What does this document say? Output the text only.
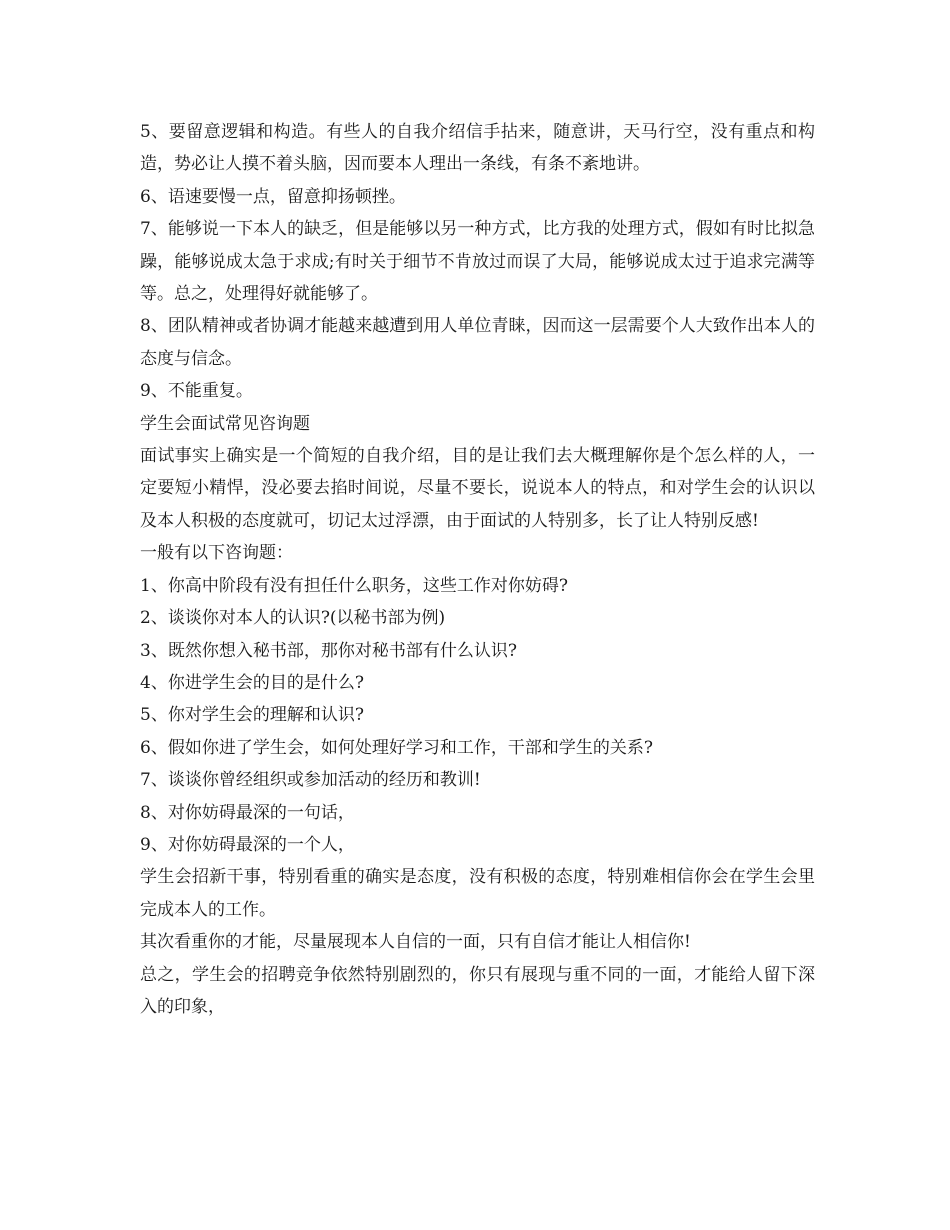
5、要留意逻辑和构造。有些人的自我介绍信手拈来，随意讲，天马行空，没有重点和构造，势必让人摸不着头脑，因而要本人理出一条线，有条不紊地讲。

6、语速要慢一点，留意抑扬顿挫。

7、能够说一下本人的缺乏，但是能够以另一种方式，比方我的处理方式，假如有时比拟急躁，能够说成太急于求成;有时关于细节不肯放过而误了大局，能够说成太过于追求完满等等。总之，处理得好就能够了。

8、团队精神或者协调才能越来越遭到用人单位青睐，因而这一层需要个人大致作出本人的态度与信念。

9、不能重复。

学生会面试常见咨询题

面试事实上确实是一个简短的自我介绍，目的是让我们去大概理解你是个怎么样的人，一定要短小精悍，没必要去掐时间说，尽量不要长，说说本人的特点，和对学生会的认识以及本人积极的态度就可，切记太过浮漂，由于面试的人特别多，长了让人特别反感!

一般有以下咨询题：

1、你高中阶段有没有担任什么职务，这些工作对你妨碍?

2、谈谈你对本人的认识?(以秘书部为例)

3、既然你想入秘书部，那你对秘书部有什么认识?

4、你进学生会的目的是什么?

5、你对学生会的理解和认识?

6、假如你进了学生会，如何处理好学习和工作，干部和学生的关系?

7、谈谈你曾经组织或参加活动的经历和教训!

8、对你妨碍最深的一句话，

9、对你妨碍最深的一个人，

学生会招新干事，特别看重的确实是态度，没有积极的态度，特别难相信你会在学生会里完成本人的工作。

其次看重你的才能，尽量展现本人自信的一面，只有自信才能让人相信你!

总之，学生会的招聘竞争依然特别剧烈的，你只有展现与重不同的一面，才能给人留下深入的印象，
